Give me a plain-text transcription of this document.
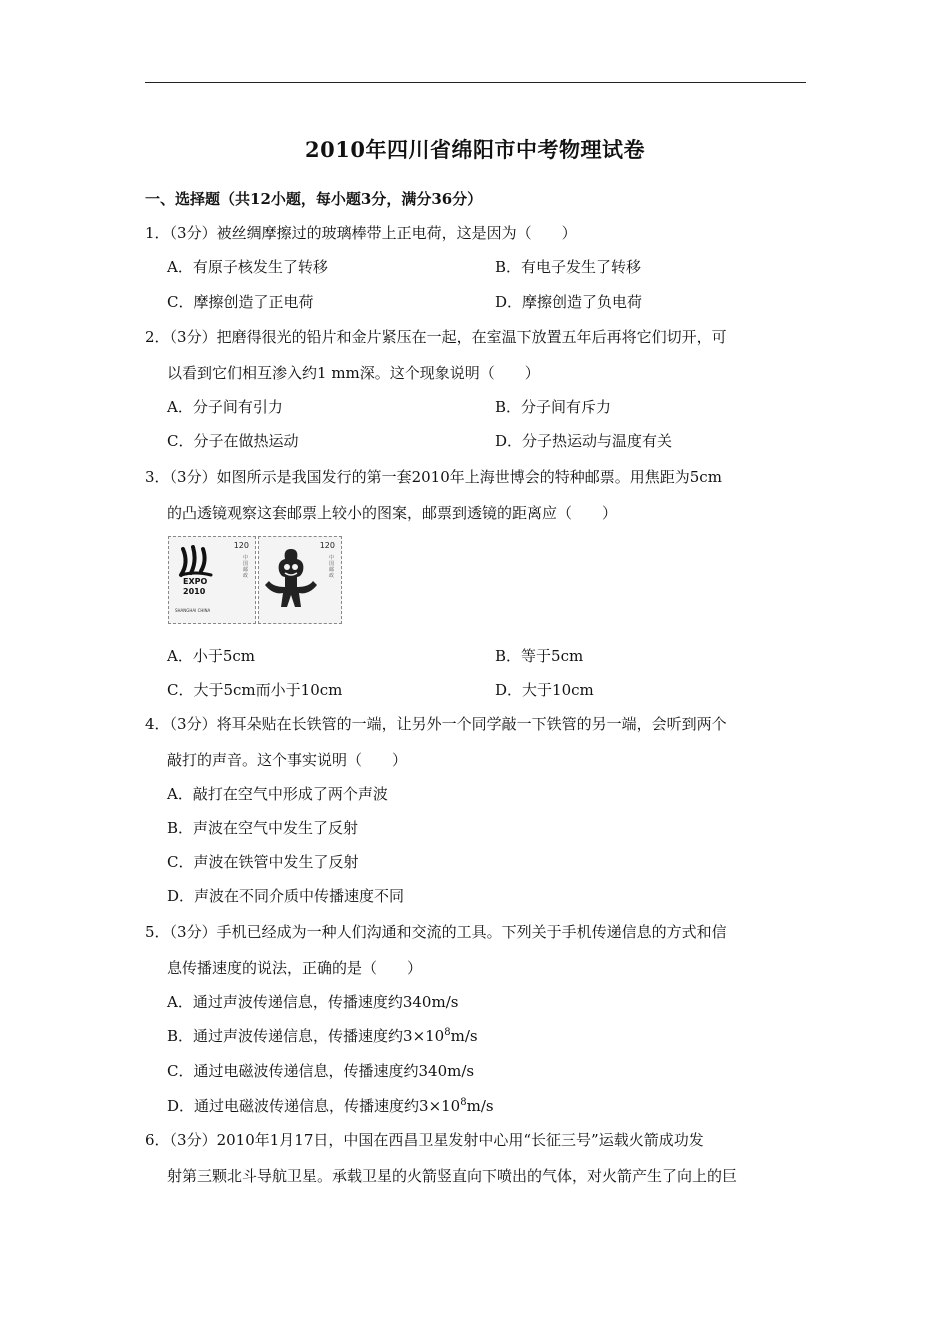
2010年四川省绵阳市中考物理试卷
一、选择题（共12小题，每小题3分，满分36分）
1．（3分）被丝绸摩擦过的玻璃棒带上正电荷，这是因为（　　）
A．有原子核发生了转移	B．有电子发生了转移
C．摩擦创造了正电荷	D．摩擦创造了负电荷
2．（3分）把磨得很光的铅片和金片紧压在一起，在室温下放置五年后再将它们切开，可
以看到它们相互渗入约1 mm深。这个现象说明（　　）
A．分子间有引力	B．分子间有斥力
C．分子在做热运动	D．分子热运动与温度有关
3．（3分）如图所示是我国发行的第一套2010年上海世博会的特种邮票。用焦距为5cm
的凸透镜观察这套邮票上较小的图案，邮票到透镜的距离应（　　）
120
EXPO
2010
SHANGHAI CHINA
中国邮政
120
中国邮政
A．小于5cm	B．等于5cm
C．大于5cm而小于10cm	D．大于10cm
4．（3分）将耳朵贴在长铁管的一端，让另外一个同学敲一下铁管的另一端，会听到两个
敲打的声音。这个事实说明（　　）
A．敲打在空气中形成了两个声波
B．声波在空气中发生了反射
C．声波在铁管中发生了反射
D．声波在不同介质中传播速度不同
5．（3分）手机已经成为一种人们沟通和交流的工具。下列关于手机传递信息的方式和信
息传播速度的说法，正确的是（　　）
A．通过声波传递信息，传播速度约340m/s
B．通过声波传递信息，传播速度约$3\times 10^8m/s$
C．通过电磁波传递信息，传播速度约340m/s
D．通过电磁波传递信息，传播速度约$3\times 10^8m/s$
6．（3分）2010年1月17日，中国在西昌卫星发射中心用“长征三号”运载火箭成功发
射第三颗北斗导航卫星。承载卫星的火箭竖直向下喷出的气体，对火箭产生了向上的巨
